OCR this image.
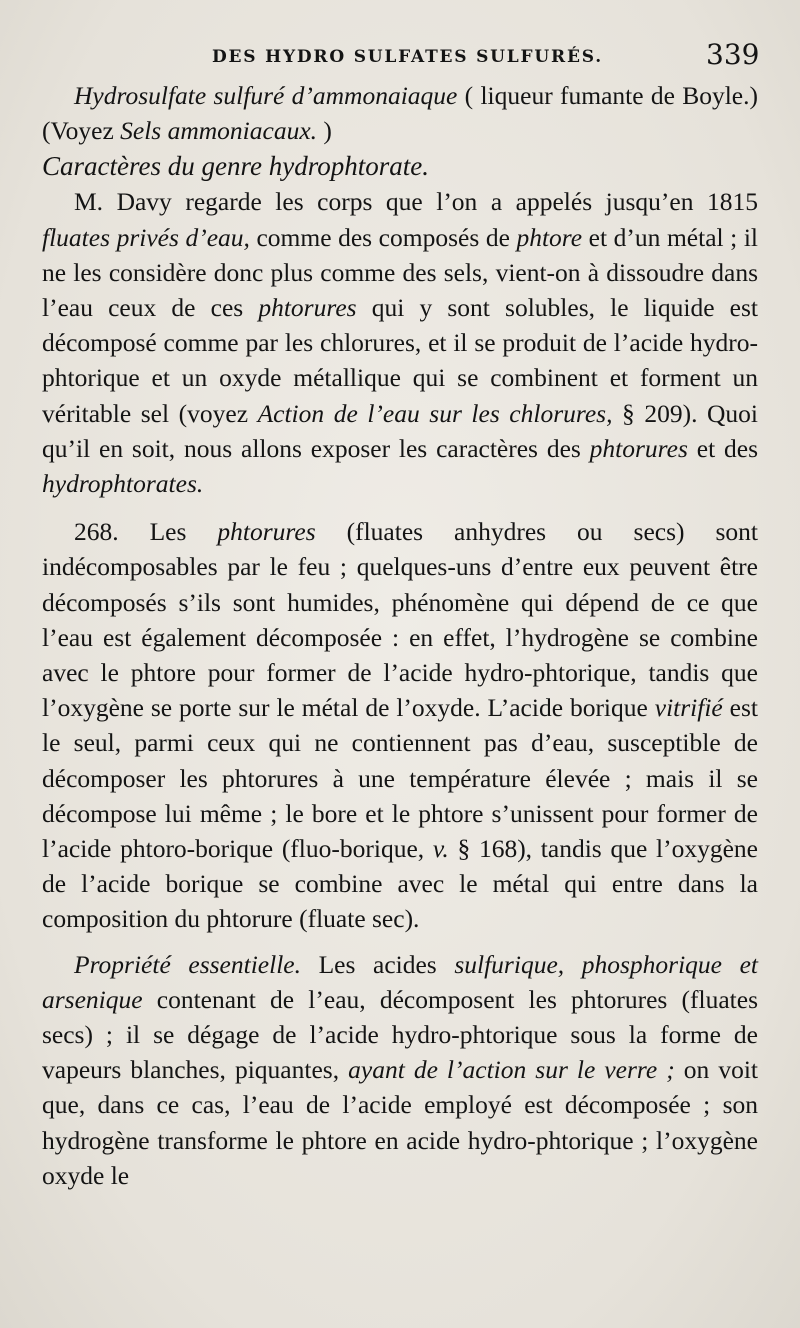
DES HYDRO SULFATES SULFURÉS.	339

Hydrosulfate sulfuré d’ammonaiaque ( liqueur fumante de Boyle.) (Voyez Sels ammoniacaux. )

Caractères du genre hydrophtorate.

M. Davy regarde les corps que l’on a appelés jusqu’en 1815 fluates privés d’eau, comme des composés de phtore et d’un métal ; il ne les considère donc plus comme des sels, vient-on à dissoudre dans l’eau ceux de ces phtorures qui y sont solubles, le liquide est décomposé comme par les chlorures, et il se produit de l’acide hydro-phtorique et un oxyde métallique qui se combinent et forment un véritable sel (voyez Action de l’eau sur les chlorures, § 209). Quoi qu’il en soit, nous allons exposer les caractères des phtorures et des hydrophtorates.

268. Les phtorures (fluates anhydres ou secs) sont indécomposables par le feu ; quelques-uns d’entre eux peuvent être décomposés s’ils sont humides, phénomène qui dépend de ce que l’eau est également décomposée : en effet, l’hydrogène se combine avec le phtore pour former de l’acide hydro-phtorique, tandis que l’oxygène se porte sur le métal de l’oxyde. L’acide borique vitrifié est le seul, parmi ceux qui ne contiennent pas d’eau, susceptible de décomposer les phtorures à une température élevée ; mais il se décompose lui même ; le bore et le phtore s’unissent pour former de l’acide phtoro-borique (fluo-borique, v. § 168), tandis que l’oxygène de l’acide borique se combine avec le métal qui entre dans la composition du phtorure (fluate sec).

Propriété essentielle. Les acides sulfurique, phosphorique et arsenique contenant de l’eau, décomposent les phtorures (fluates secs) ; il se dégage de l’acide hydro-phtorique sous la forme de vapeurs blanches, piquantes, ayant de l’action sur le verre ; on voit que, dans ce cas, l’eau de l’acide employé est décomposée ; son hydrogène transforme le phtore en acide hydro-phtorique ; l’oxygène oxyde le
